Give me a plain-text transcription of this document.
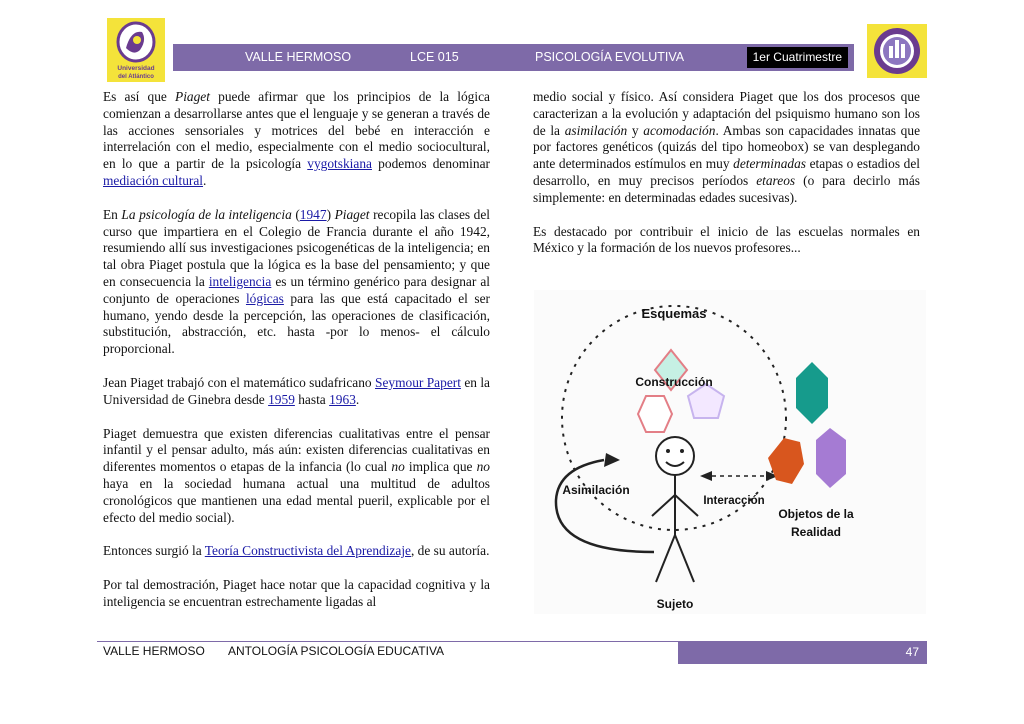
Universidad
del Atlántico
VALLE HERMOSO	LCE 015	PSICOLOGÍA EVOLUTIVA	1er Cuatrimestre

Es así que Piaget puede afirmar que los principios de la lógica comienzan a desarrollarse antes que el lenguaje y se generan a través de las acciones sensoriales y motrices del bebé en interacción e interrelación con el medio, especialmente con el medio sociocultural, en lo que a partir de la psicología vygotskiana podemos denominar mediación cultural.

En La psicología de la inteligencia (1947) Piaget recopila las clases del curso que impartiera en el Colegio de Francia durante el año 1942, resumiendo allí sus investigaciones psicogenéticas de la inteligencia; en tal obra Piaget postula que la lógica es la base del pensamiento; y que en consecuencia la inteligencia es un término genérico para designar al conjunto de operaciones lógicas para las que está capacitado el ser humano, yendo desde la percepción, las operaciones de clasificación, substitución, abstracción, etc. hasta -por lo menos- el cálculo proporcional.

Jean Piaget trabajó con el matemático sudafricano Seymour Papert en la Universidad de Ginebra desde 1959 hasta 1963.

Piaget demuestra que existen diferencias cualitativas entre el pensar infantil y el pensar adulto, más aún: existen diferencias cualitativas en diferentes momentos o etapas de la infancia (lo cual no implica que no haya en la sociedad humana actual una multitud de adultos cronológicos que mantienen una edad mental pueril, explicable por el efecto del medio social).

Entonces surgió la Teoría Constructivista del Aprendizaje, de su autoría.

Por tal demostración, Piaget hace notar que la capacidad cognitiva y la inteligencia se encuentran estrechamente ligadas al

medio social y físico. Así considera Piaget que los dos procesos que caracterizan a la evolución y adaptación del psiquismo humano son los de la asimilación y acomodación. Ambas son capacidades innatas que por factores genéticos (quizás del tipo homeobox) se van desplegando ante determinados estímulos en muy determinadas etapas o estadios del desarrollo, en muy precisos períodos etareos (o para decirlo más simplemente: en determinadas edades sucesivas).

Es destacado por contribuir el inicio de las escuelas normales en México y la formación de los nuevos profesores...

Esquemas
Construcción
Sujeto
Asimilación
Interacción
Objetos de la
Realidad
VALLE HERMOSO ANTOLOGÍA PSICOLOGÍA EDUCATIVA	47
